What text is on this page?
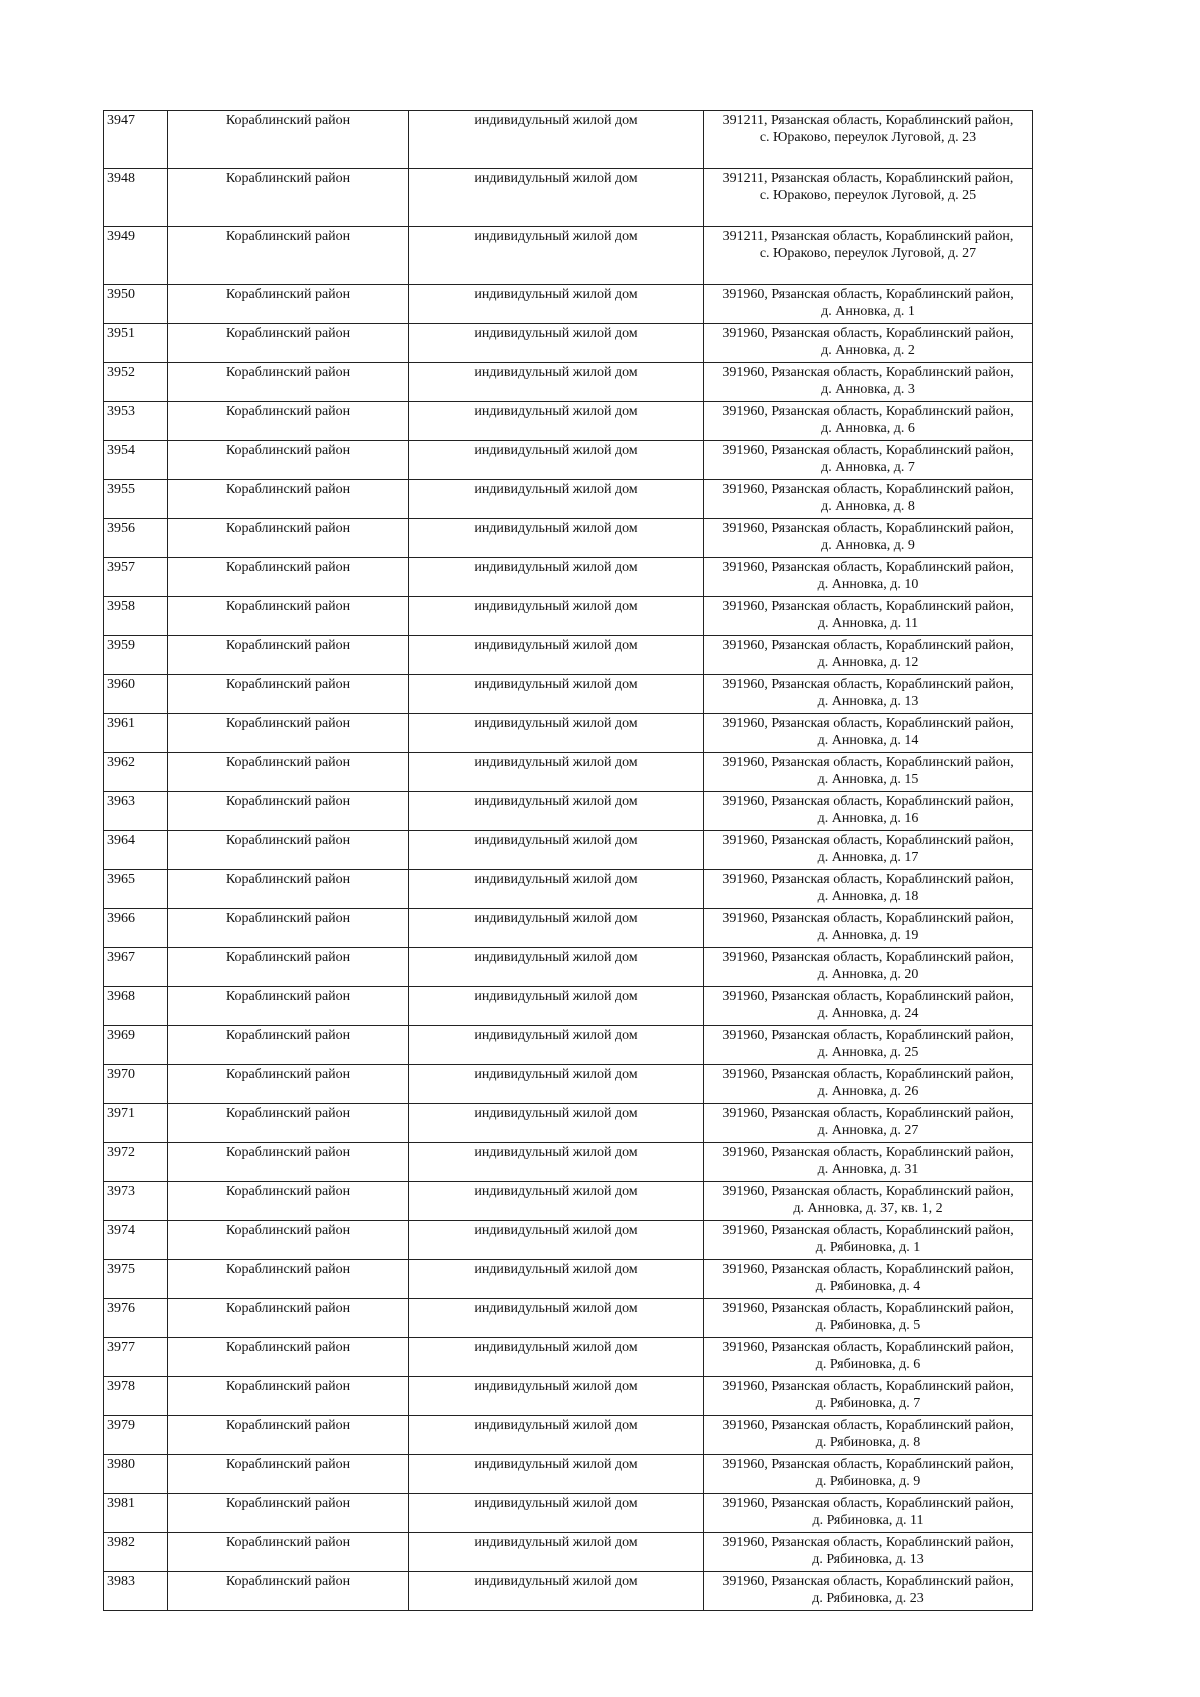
3947	Кораблинский район	индивидульный жилой дом	391211, Рязанская область, Кораблинский район,
с. Юраково, переулок Луговой, д. 23

3948	Кораблинский район	индивидульный жилой дом	391211, Рязанская область, Кораблинский район,
с. Юраково, переулок Луговой, д. 25

3949	Кораблинский район	индивидульный жилой дом	391211, Рязанская область, Кораблинский район,
с. Юраково, переулок Луговой, д. 27

3950	Кораблинский район	индивидульный жилой дом	391960, Рязанская область, Кораблинский район,
д. Анновка, д. 1

3951	Кораблинский район	индивидульный жилой дом	391960, Рязанская область, Кораблинский район,
д. Анновка, д. 2

3952	Кораблинский район	индивидульный жилой дом	391960, Рязанская область, Кораблинский район,
д. Анновка, д. 3

3953	Кораблинский район	индивидульный жилой дом	391960, Рязанская область, Кораблинский район,
д. Анновка, д. 6

3954	Кораблинский район	индивидульный жилой дом	391960, Рязанская область, Кораблинский район,
д. Анновка, д. 7

3955	Кораблинский район	индивидульный жилой дом	391960, Рязанская область, Кораблинский район,
д. Анновка, д. 8

3956	Кораблинский район	индивидульный жилой дом	391960, Рязанская область, Кораблинский район,
д. Анновка, д. 9

3957	Кораблинский район	индивидульный жилой дом	391960, Рязанская область, Кораблинский район,
д. Анновка, д. 10

3958	Кораблинский район	индивидульный жилой дом	391960, Рязанская область, Кораблинский район,
д. Анновка, д. 11

3959	Кораблинский район	индивидульный жилой дом	391960, Рязанская область, Кораблинский район,
д. Анновка, д. 12

3960	Кораблинский район	индивидульный жилой дом	391960, Рязанская область, Кораблинский район,
д. Анновка, д. 13

3961	Кораблинский район	индивидульный жилой дом	391960, Рязанская область, Кораблинский район,
д. Анновка, д. 14

3962	Кораблинский район	индивидульный жилой дом	391960, Рязанская область, Кораблинский район,
д. Анновка, д. 15

3963	Кораблинский район	индивидульный жилой дом	391960, Рязанская область, Кораблинский район,
д. Анновка, д. 16

3964	Кораблинский район	индивидульный жилой дом	391960, Рязанская область, Кораблинский район,
д. Анновка, д. 17

3965	Кораблинский район	индивидульный жилой дом	391960, Рязанская область, Кораблинский район,
д. Анновка, д. 18

3966	Кораблинский район	индивидульный жилой дом	391960, Рязанская область, Кораблинский район,
д. Анновка, д. 19

3967	Кораблинский район	индивидульный жилой дом	391960, Рязанская область, Кораблинский район,
д. Анновка, д. 20

3968	Кораблинский район	индивидульный жилой дом	391960, Рязанская область, Кораблинский район,
д. Анновка, д. 24

3969	Кораблинский район	индивидульный жилой дом	391960, Рязанская область, Кораблинский район,
д. Анновка, д. 25

3970	Кораблинский район	индивидульный жилой дом	391960, Рязанская область, Кораблинский район,
д. Анновка, д. 26

3971	Кораблинский район	индивидульный жилой дом	391960, Рязанская область, Кораблинский район,
д. Анновка, д. 27

3972	Кораблинский район	индивидульный жилой дом	391960, Рязанская область, Кораблинский район,
д. Анновка, д. 31

3973	Кораблинский район	индивидульный жилой дом	391960, Рязанская область, Кораблинский район,
д. Анновка, д. 37, кв. 1, 2

3974	Кораблинский район	индивидульный жилой дом	391960, Рязанская область, Кораблинский район,
д. Рябиновка, д. 1

3975	Кораблинский район	индивидульный жилой дом	391960, Рязанская область, Кораблинский район,
д. Рябиновка, д. 4

3976	Кораблинский район	индивидульный жилой дом	391960, Рязанская область, Кораблинский район,
д. Рябиновка, д. 5

3977	Кораблинский район	индивидульный жилой дом	391960, Рязанская область, Кораблинский район,
д. Рябиновка, д. 6

3978	Кораблинский район	индивидульный жилой дом	391960, Рязанская область, Кораблинский район,
д. Рябиновка, д. 7

3979	Кораблинский район	индивидульный жилой дом	391960, Рязанская область, Кораблинский район,
д. Рябиновка, д. 8

3980	Кораблинский район	индивидульный жилой дом	391960, Рязанская область, Кораблинский район,
д. Рябиновка, д. 9

3981	Кораблинский район	индивидульный жилой дом	391960, Рязанская область, Кораблинский район,
д. Рябиновка, д. 11

3982	Кораблинский район	индивидульный жилой дом	391960, Рязанская область, Кораблинский район,
д. Рябиновка, д. 13

3983	Кораблинский район	индивидульный жилой дом	391960, Рязанская область, Кораблинский район,
д. Рябиновка, д. 23
